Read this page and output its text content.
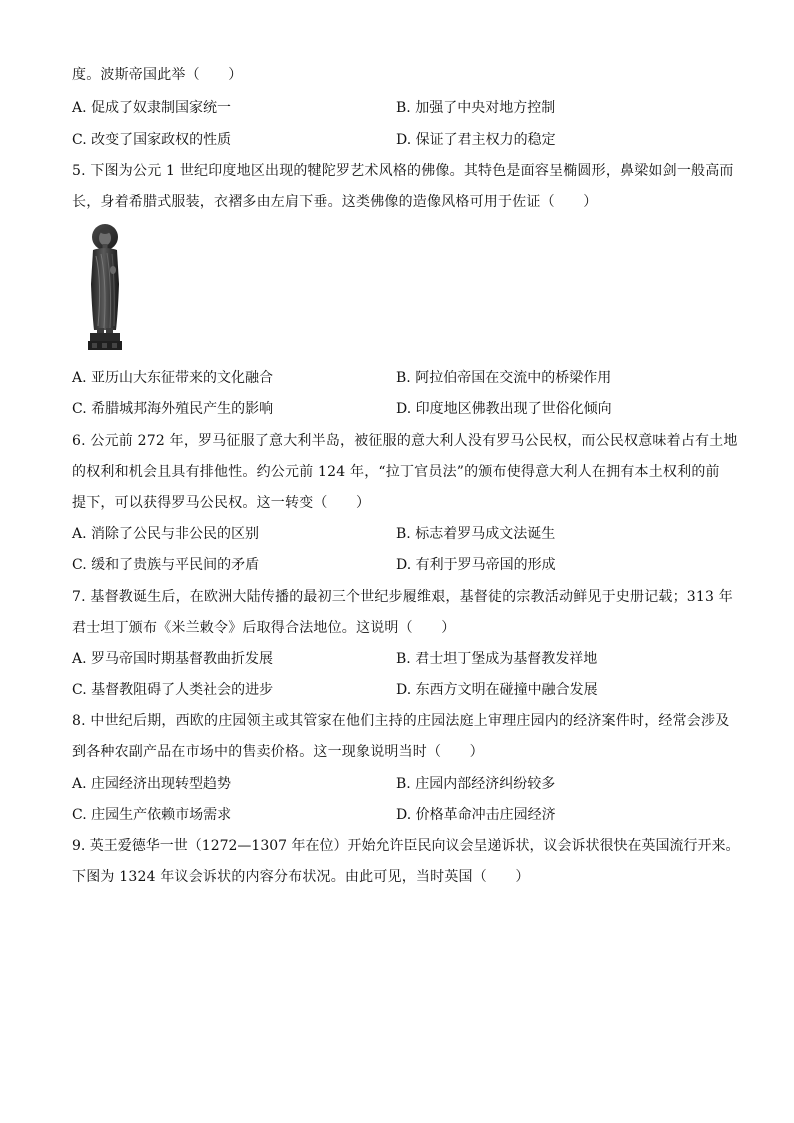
度。波斯帝国此举（　　）
A. 促成了奴隶制国家统一	B. 加强了中央对地方控制
C. 改变了国家政权的性质	D. 保证了君主权力的稳定
5. 下图为公元 1 世纪印度地区出现的犍陀罗艺术风格的佛像。其特色是面容呈椭圆形，鼻梁如剑一般高而
长，身着希腊式服装，衣褶多由左肩下垂。这类佛像的造像风格可用于佐证（　　）
A. 亚历山大东征带来的文化融合	B. 阿拉伯帝国在交流中的桥梁作用
C. 希腊城邦海外殖民产生的影响	D. 印度地区佛教出现了世俗化倾向
6. 公元前 272 年，罗马征服了意大利半岛，被征服的意大利人没有罗马公民权，而公民权意味着占有土地
的权利和机会且具有排他性。约公元前 124 年，“拉丁官员法”的颁布使得意大利人在拥有本土权利的前
提下，可以获得罗马公民权。这一转变（　　）
A. 消除了公民与非公民的区别	B. 标志着罗马成文法诞生
C. 缓和了贵族与平民间的矛盾	D. 有利于罗马帝国的形成
7. 基督教诞生后，在欧洲大陆传播的最初三个世纪步履维艰，基督徒的宗教活动鲜见于史册记载；313 年
君士坦丁颁布《米兰敕令》后取得合法地位。这说明（　　）
A. 罗马帝国时期基督教曲折发展	B. 君士坦丁堡成为基督教发祥地
C. 基督教阻碍了人类社会的进步	D. 东西方文明在碰撞中融合发展
8. 中世纪后期，西欧的庄园领主或其管家在他们主持的庄园法庭上审理庄园内的经济案件时，经常会涉及
到各种农副产品在市场中的售卖价格。这一现象说明当时（　　）
A. 庄园经济出现转型趋势	B. 庄园内部经济纠纷较多
C. 庄园生产依赖市场需求	D. 价格革命冲击庄园经济
9. 英王爱德华一世（1272—1307 年在位）开始允许臣民向议会呈递诉状，议会诉状很快在英国流行开来。
下图为 1324 年议会诉状的内容分布状况。由此可见，当时英国（　　）
